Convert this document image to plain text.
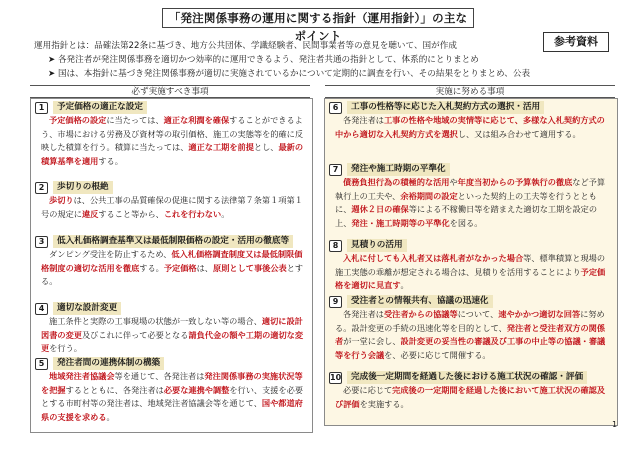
「発注関係事務の運用に関する指針（運用指針）」の主なポイント	参考資料
運用指針とは：品確法第22条に基づき、地方公共団体、学識経験者、民間事業者等の意見を聴いて、国が作成
➤ 各発注者が発注関係事務を適切かつ効率的に運用できるよう、発注者共通の指針として、体系的にとりまとめ
➤ 国は、本指針に基づき発注関係事務が適切に実施されているかについて定期的に調査を行い、その結果をとりまとめ、公表
必ず実施すべき事項	実施に努める事項
1	予定価格の適正な設定
予定価格の設定に当たっては、適正な利潤を確保することができるよう、市場における労務及び資材等の取引価格、施工の実態等を的確に反映した積算を行う。積算に当たっては、適正な工期を前提とし、最新の積算基準を適用する。
2	歩切りの根絶
歩切りは、公共工事の品質確保の促進に関する法律第７条第１項第１号の規定に違反すること等から、これを行わない。
3	低入札価格調査基準又は最低制限価格の設定・活用の徹底等
ダンピング受注を防止するため、低入札価格調査制度又は最低制限価格制度の適切な活用を徹底する。予定価格は、原則として事後公表とする。
4	適切な設計変更
施工条件と実際の工事現場の状態が一致しない等の場合、適切に設計図書の変更及びこれに伴って必要となる請負代金の額や工期の適切な変更を行う。
5	発注者間の連携体制の構築
地域発注者協議会等を通じて、各発注者は発注関係事務の実施状況等を把握するとともに、各発注者は必要な連携や調整を行い、支援を必要とする市町村等の発注者は、地域発注者協議会等を通じて、国や都道府県の支援を求める。
6	工事の性格等に応じた入札契約方式の選択・活用
各発注者は工事の性格や地域の実情等に応じて、多様な入札契約方式の中から適切な入札契約方式を選択し、又は組み合わせて適用する。
7	発注や施工時期の平準化
債務負担行為の積極的な活用や年度当初からの予算執行の徹底など予算執行上の工夫や、余裕期間の設定といった契約上の工夫等を行うとともに、週休２日の確保等による不稼働日等を踏まえた適切な工期を設定の上、発注・施工時期等の平準化を図る。
8	見積りの活用
入札に付しても入札者又は落札者がなかった場合等、標準積算と現場の施工実態の乖離が想定される場合は、見積りを活用することにより予定価格を適切に見直す。
9	受注者との情報共有、協議の迅速化
各発注者は受注者からの協議等について、速やかかつ適切な回答に努める。設計変更の手続の迅速化等を目的として、発注者と受注者双方の関係者が一堂に会し、設計変更の妥当性の審議及び工事の中止等の協議・審議等を行う会議を、必要に応じて開催する。
10	完成後一定期間を経過した後における施工状況の確認・評価
必要に応じて完成後の一定期間を経過した後において施工状況の確認及び評価を実施する。
1
